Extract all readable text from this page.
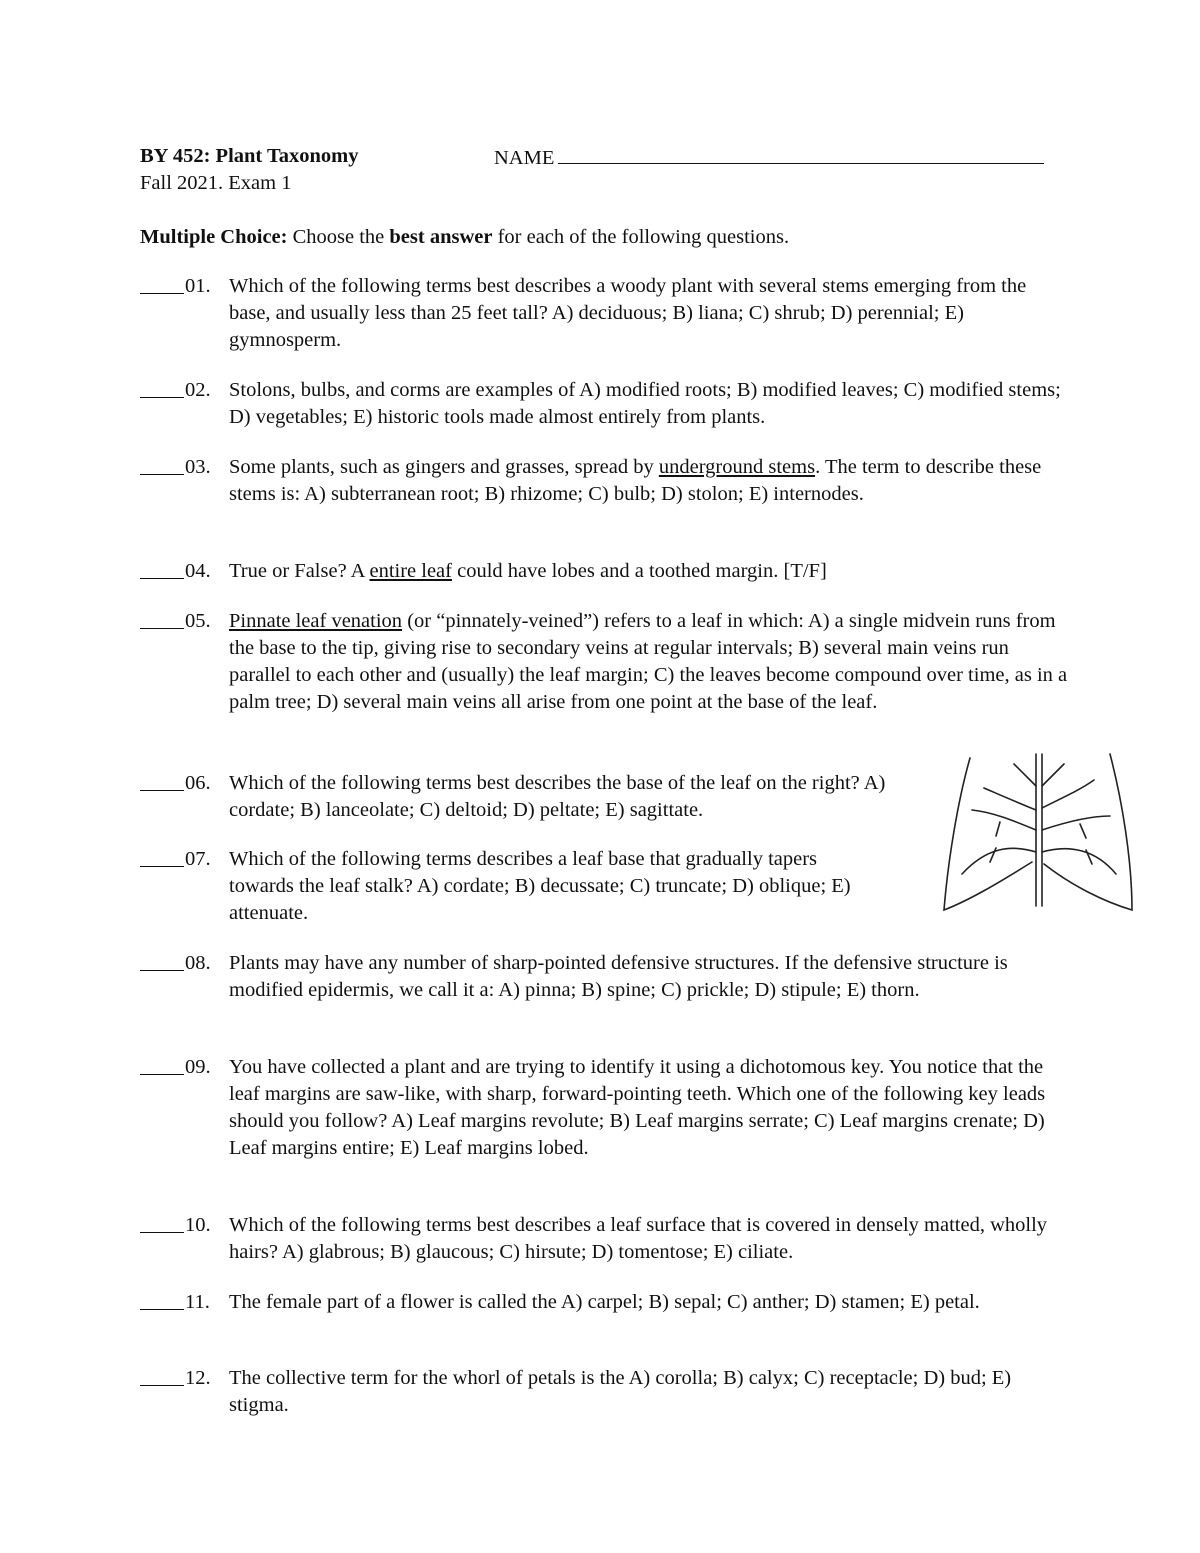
BY 452: Plant Taxonomy	NAME
Fall 2021. Exam 1
Multiple Choice: Choose the best answer for each of the following questions.

01. Which of the following terms best describes a woody plant with several stems emerging from the base, and usually less than 25 feet tall? A) deciduous; B) liana; C) shrub; D) perennial; E) gymnosperm.

02. Stolons, bulbs, and corms are examples of A) modified roots; B) modified leaves; C) modified stems; D) vegetables; E) historic tools made almost entirely from plants.

03. Some plants, such as gingers and grasses, spread by underground stems. The term to describe these stems is: A) subterranean root; B) rhizome; C) bulb; D) stolon; E) internodes.

04. True or False? A entire leaf could have lobes and a toothed margin. [T/F]

05. Pinnate leaf venation (or “pinnately-veined”) refers to a leaf in which: A) a single midvein runs from the base to the tip, giving rise to secondary veins at regular intervals; B) several main veins run parallel to each other and (usually) the leaf margin; C) the leaves become compound over time, as in a palm tree; D) several main veins all arise from one point at the base of the leaf.

06. Which of the following terms best describes the base of the leaf on the right? A) cordate; B) lanceolate; C) deltoid; D) peltate; E) sagittate.

07. Which of the following terms describes a leaf base that gradually tapers towards the leaf stalk? A) cordate; B) decussate; C) truncate; D) oblique; E) attenuate.

08. Plants may have any number of sharp-pointed defensive structures. If the defensive structure is modified epidermis, we call it a: A) pinna; B) spine; C) prickle; D) stipule; E) thorn.

09. You have collected a plant and are trying to identify it using a dichotomous key. You notice that the leaf margins are saw-like, with sharp, forward-pointing teeth. Which one of the following key leads should you follow? A) Leaf margins revolute; B) Leaf margins serrate; C) Leaf margins crenate; D) Leaf margins entire; E) Leaf margins lobed.

10. Which of the following terms best describes a leaf surface that is covered in densely matted, wholly hairs? A) glabrous; B) glaucous; C) hirsute; D) tomentose; E) ciliate.

11. The female part of a flower is called the A) carpel; B) sepal; C) anther; D) stamen; E) petal.

12. The collective term for the whorl of petals is the A) corolla; B) calyx; C) receptacle; D) bud; E) stigma.
